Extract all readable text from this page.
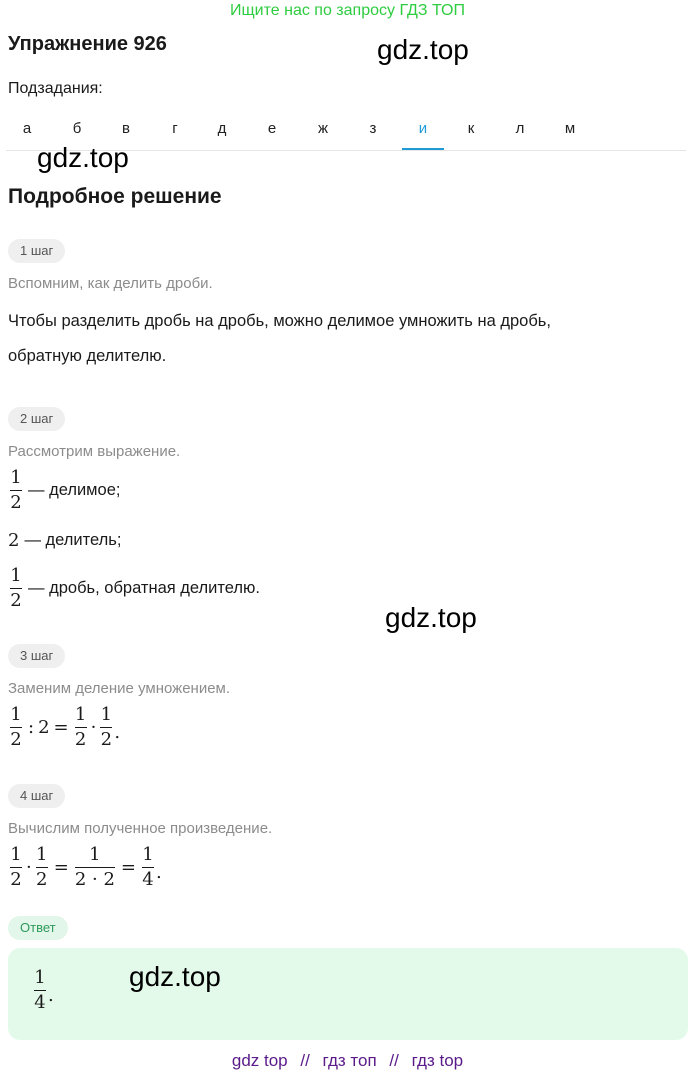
Ищите нас по запросу ГДЗ ТОП
Упражнение 926	gdz.top
Подзадания:
а	б	в	г	д	е	ж	з	и	к	л	м
gdz.top
Подробное решение
1 шаг
Вспомним, как делить дроби.
Чтобы разделить дробь на дробь, можно делимое умножить на дробь,
обратную делителю.
2 шаг
Рассмотрим выражение.
$\frac{1}{2}$ — делимое;
2 — делитель;
$\frac{1}{2}$ — дробь, обратная делителю.
gdz.top
3 шаг
Заменим деление умножением.
$\frac{1}{2}$ : $2 = \frac{1}{2} \cdot \frac{1}{2}$ .
4 шаг
Вычислим полученное произведение.
$\frac{1}{2} \cdot \frac{1}{2} = \frac{1}{2 \cdot 2} = \frac{1}{4}$ .
Ответ
$\frac{1}{4}$ .
gdz.top
gdz top // гдз топ // гдз top
